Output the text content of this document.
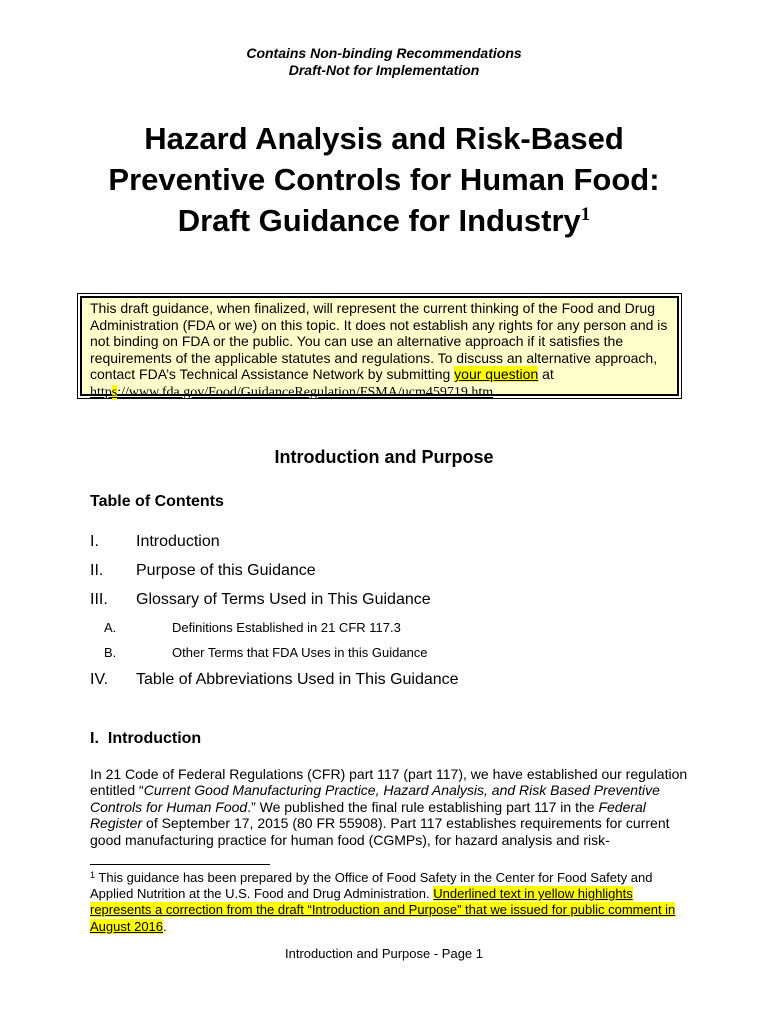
Contains Non-binding Recommendations
Draft-Not for Implementation
Hazard Analysis and Risk-Based
Preventive Controls for Human Food:
Draft Guidance for Industry$^1$
This draft guidance, when finalized, will represent the current thinking of the Food and Drug Administration (FDA or we) on this topic. It does not establish any rights for any person and is not binding on FDA or the public. You can use an alternative approach if it satisfies the requirements of the applicable statutes and regulations. To discuss an alternative approach, contact FDA’s Technical Assistance Network by submitting your question at
https://www.fda.gov/Food/GuidanceRegulation/FSMA/ucm459719.htm.
Introduction and Purpose
Table of Contents
I. Introduction
II. Purpose of this Guidance
III. Glossary of Terms Used in This Guidance
A.	Definitions Established in 21 CFR 117.3
B.	Other Terms that FDA Uses in this Guidance
IV. Table of Abbreviations Used in This Guidance
I. Introduction

In 21 Code of Federal Regulations (CFR) part 117 (part 117), we have established our regulation entitled “Current Good Manufacturing Practice, Hazard Analysis, and Risk Based Preventive Controls for Human Food.” We published the final rule establishing part 117 in the Federal Register of September 17, 2015 (80 FR 55908). Part 117 establishes requirements for current good manufacturing practice for human food (CGMPs), for hazard analysis and risk-

$^1$ This guidance has been prepared by the Office of Food Safety in the Center for Food Safety and Applied Nutrition at the U.S. Food and Drug Administration. Underlined text in yellow highlights represents a correction from the draft “Introduction and Purpose” that we issued for public comment in August 2016.

Introduction and Purpose - Page 1
